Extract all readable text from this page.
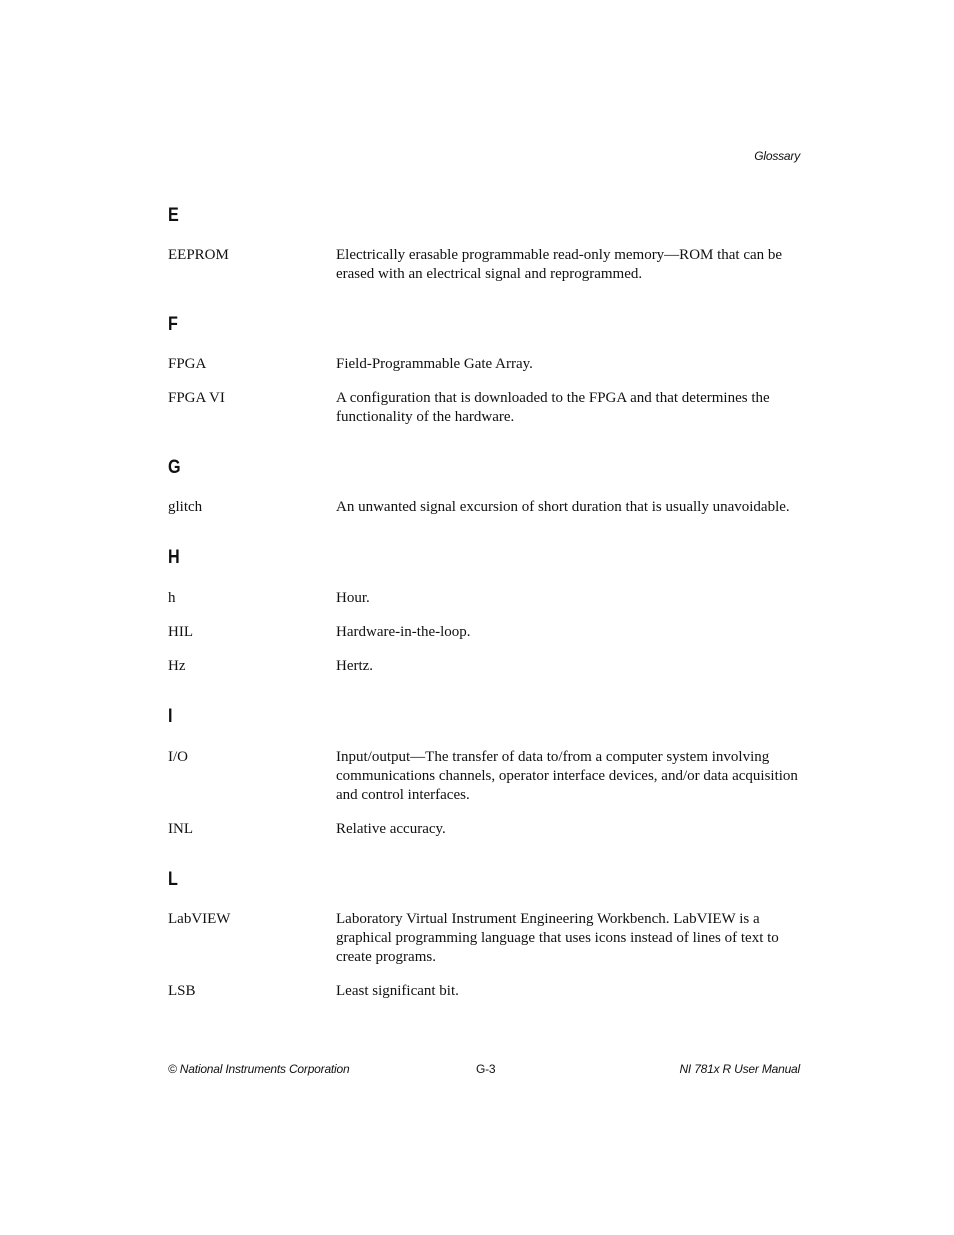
Glossary
E
EEPROM	Electrically erasable programmable read-only memory—ROM that can be erased with an electrical signal and reprogrammed.
F
FPGA	Field-Programmable Gate Array.
FPGA VI	A configuration that is downloaded to the FPGA and that determines the functionality of the hardware.
G
glitch	An unwanted signal excursion of short duration that is usually unavoidable.
H
h	Hour.
HIL	Hardware-in-the-loop.
Hz	Hertz.
I
I/O	Input/output—The transfer of data to/from a computer system involving communications channels, operator interface devices, and/or data acquisition and control interfaces.
INL	Relative accuracy.
L
LabVIEW	Laboratory Virtual Instrument Engineering Workbench. LabVIEW is a graphical programming language that uses icons instead of lines of text to create programs.
LSB	Least significant bit.
© National Instruments Corporation	G-3	NI 781x R User Manual
